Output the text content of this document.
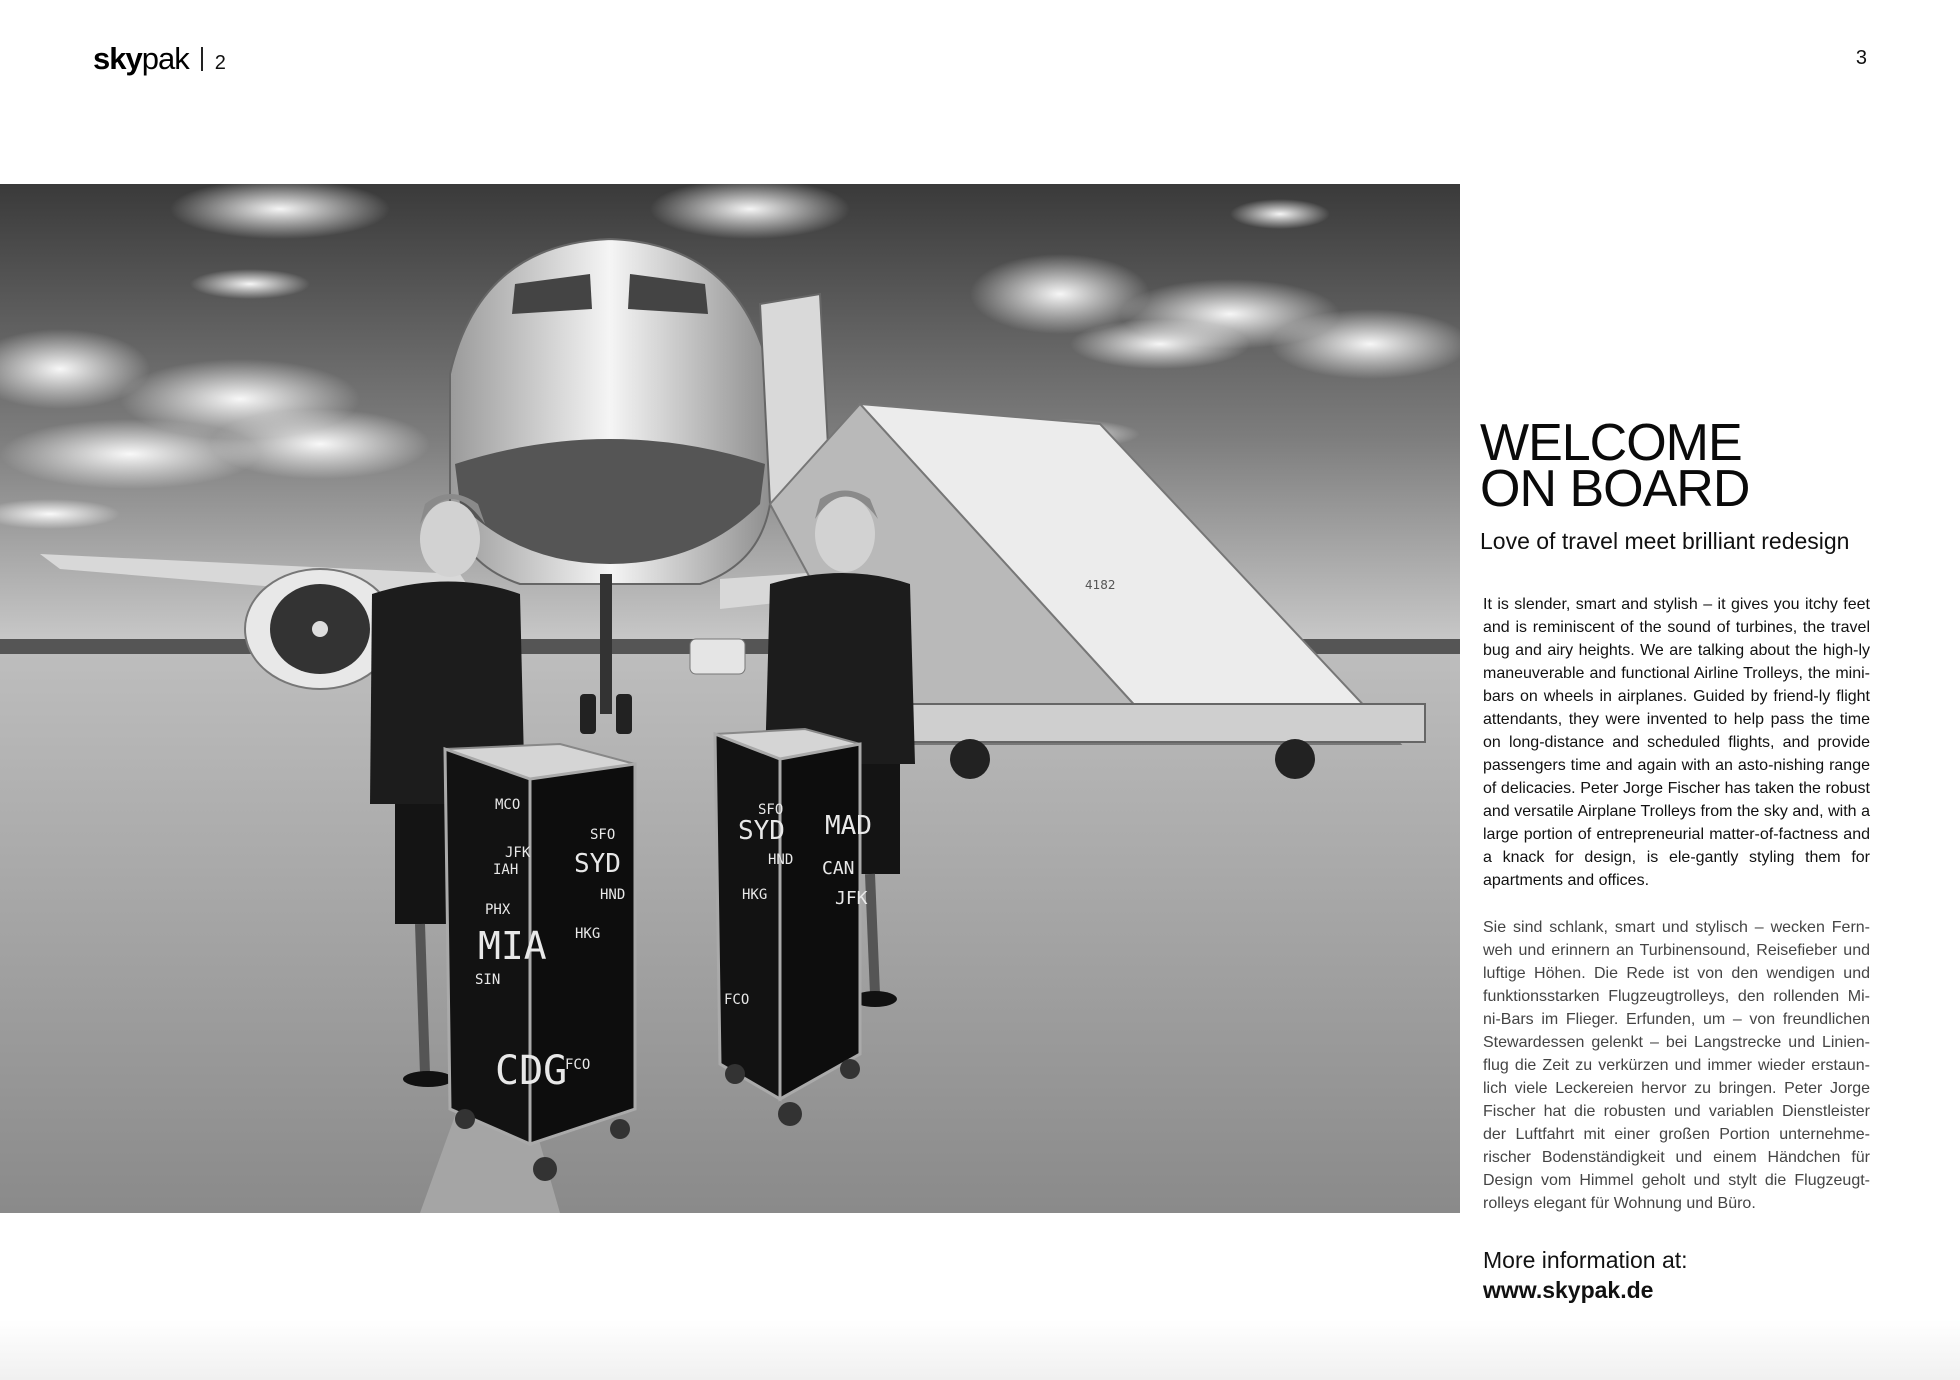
skypak 2	3
4182
MCO
SFO
JFK
IAH SYD
HND
PHX
MIA HKG
SIN
CDG
FCO
SFO
SYD
HND
HKG
MAD
CAN
JFK
FCO
WELCOME
ON BOARD
Love of travel meet brilliant redesign

It is slender, smart and stylish – it gives you itchy feet and is reminiscent of the sound of turbines, the travel bug and airy heights. We are talking about the high-ly maneuverable and functional Airline Trolleys, the mini-bars on wheels in airplanes. Guided by friend-ly flight attendants, they were invented to help pass the time on long-distance and scheduled flights, and provide passengers time and again with an asto-nishing range of delicacies. Peter Jorge Fischer has taken the robust and versatile Airplane Trolleys from the sky and, with a large portion of entrepreneurial matter-of-factness and a knack for design, is ele-gantly styling them for apartments and offices.

Sie sind schlank, smart und stylisch – wecken Fern-weh und erinnern an Turbinensound, Reisefieber und luftige Höhen. Die Rede ist von den wendigen und funktionsstarken Flugzeugtrolleys, den rollenden Mi-ni-Bars im Flieger. Erfunden, um – von freundlichen Stewardessen gelenkt – bei Langstrecke und Linien-flug die Zeit zu verkürzen und immer wieder erstaun-lich viele Leckereien hervor zu bringen. Peter Jorge Fischer hat die robusten und variablen Dienstleister der Luftfahrt mit einer großen Portion unternehme-rischer Bodenständigkeit und einem Händchen für Design vom Himmel geholt und stylt die Flugzeugt-rolleys elegant für Wohnung und Büro.

More information at:
www.skypak.de
